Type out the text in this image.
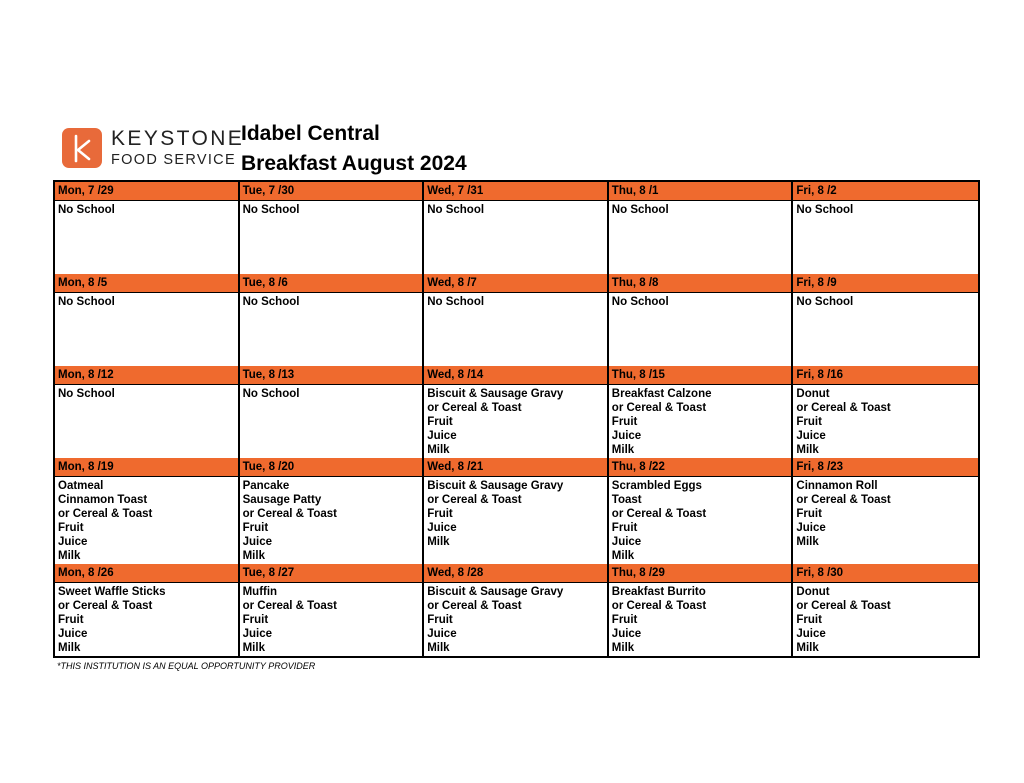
KEYSTONE
FOOD SERVICE
Idabel Central
Breakfast August 2024
Mon, 7 /29
No School
Tue, 7 /30
No School
Wed, 7 /31
No School
Thu, 8 /1
No School
Fri, 8 /2
No School
Mon, 8 /5
No School
Tue, 8 /6
No School
Wed, 8 /7
No School
Thu, 8 /8
No School
Fri, 8 /9
No School
Mon, 8 /12
No School
Tue, 8 /13
No School
Wed, 8 /14
Biscuit & Sausage Gravy
or Cereal & Toast
Fruit
Juice
Milk
Thu, 8 /15
Breakfast Calzone
or Cereal & Toast
Fruit
Juice
Milk
Fri, 8 /16
Donut
or Cereal & Toast
Fruit
Juice
Milk
Mon, 8 /19
Oatmeal
Cinnamon Toast
or Cereal & Toast
Fruit
Juice
Milk
Tue, 8 /20
Pancake
Sausage Patty
or Cereal & Toast
Fruit
Juice
Milk
Wed, 8 /21
Biscuit & Sausage Gravy
or Cereal & Toast
Fruit
Juice
Milk
Thu, 8 /22
Scrambled Eggs
Toast
or Cereal & Toast
Fruit
Juice
Milk
Fri, 8 /23
Cinnamon Roll
or Cereal & Toast
Fruit
Juice
Milk
Mon, 8 /26
Sweet Waffle Sticks
or Cereal & Toast
Fruit
Juice
Milk
Tue, 8 /27
Muffin
or Cereal & Toast
Fruit
Juice
Milk
Wed, 8 /28
Biscuit & Sausage Gravy
or Cereal & Toast
Fruit
Juice
Milk
Thu, 8 /29
Breakfast Burrito
or Cereal & Toast
Fruit
Juice
Milk
Fri, 8 /30
Donut
or Cereal & Toast
Fruit
Juice
Milk
*THIS INSTITUTION IS AN EQUAL OPPORTUNITY PROVIDER
